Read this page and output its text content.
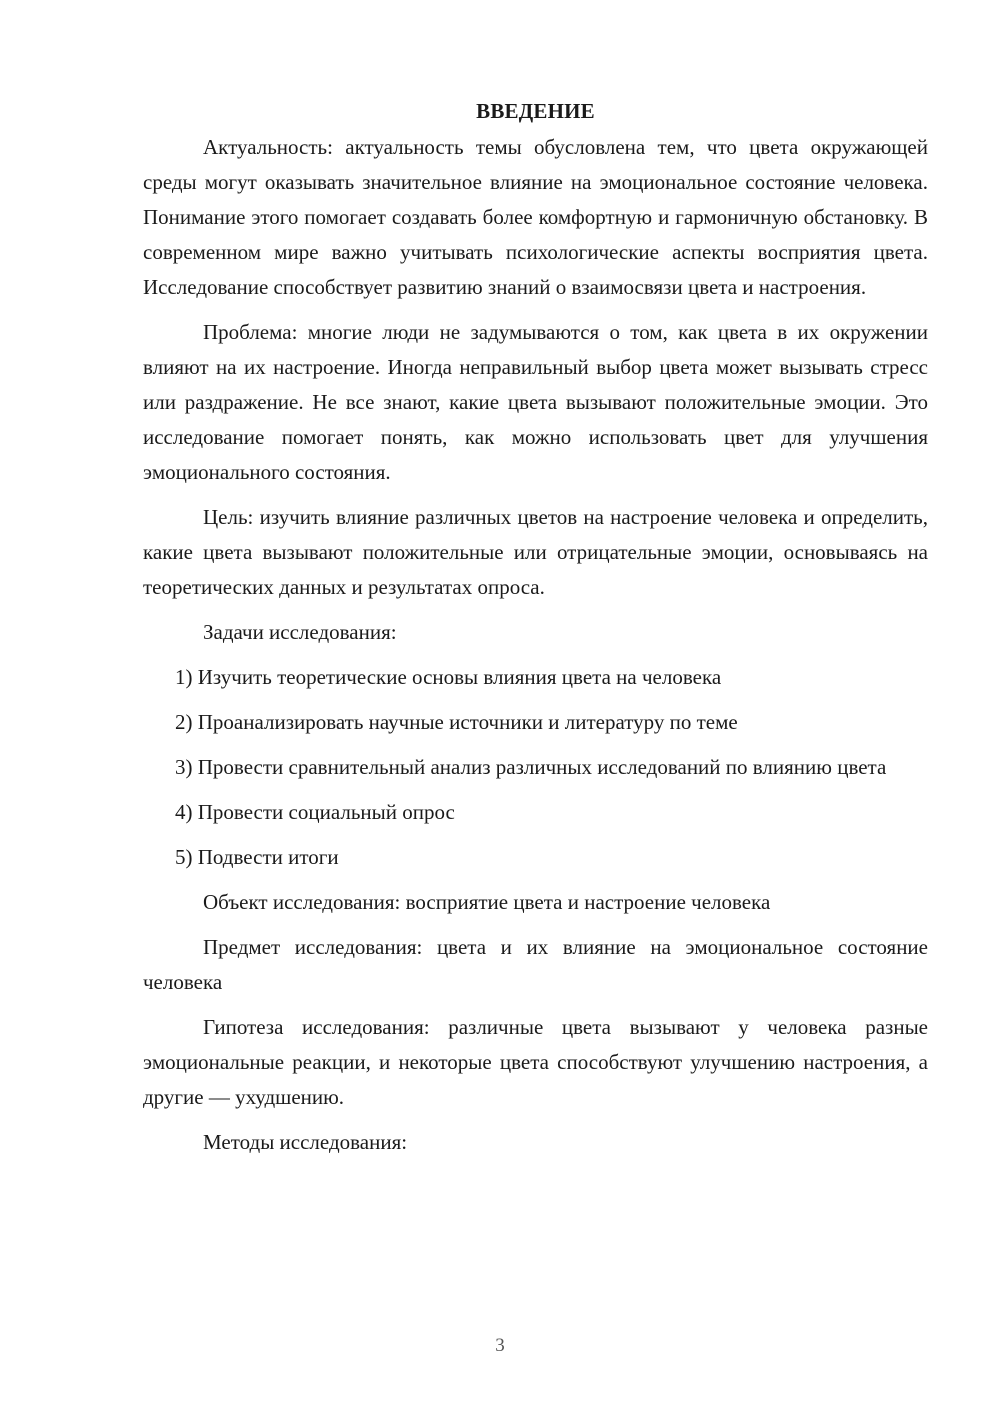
ВВЕДЕНИЕ

Актуальность: актуальность темы обусловлена тем, что цвета окружающей среды могут оказывать значительное влияние на эмоциональное состояние человека. Понимание этого помогает создавать более комфортную и гармоничную обстановку. В современном мире важно учитывать психологические аспекты восприятия цвета. Исследование способствует развитию знаний о взаимосвязи цвета и настроения.

Проблема: многие люди не задумываются о том, как цвета в их окружении влияют на их настроение. Иногда неправильный выбор цвета может вызывать стресс или раздражение. Не все знают, какие цвета вызывают положительные эмоции. Это исследование помогает понять, как можно использовать цвет для улучшения эмоционального состояния.

Цель: изучить влияние различных цветов на настроение человека и определить, какие цвета вызывают положительные или отрицательные эмоции, основываясь на теоретических данных и результатах опроса.

Задачи исследования:

1) Изучить теоретические основы влияния цвета на человека

2) Проанализировать научные источники и литературу по теме

3) Провести сравнительный анализ различных исследований по влиянию цвета

4) Провести социальный опрос

5) Подвести итоги

Объект исследования: восприятие цвета и настроение человека

Предмет исследования: цвета и их влияние на эмоциональное состояние человека

Гипотеза исследования: различные цвета вызывают у человека разные эмоциональные реакции, и некоторые цвета способствуют улучшению настроения, а другие — ухудшению.

Методы исследования:

3
